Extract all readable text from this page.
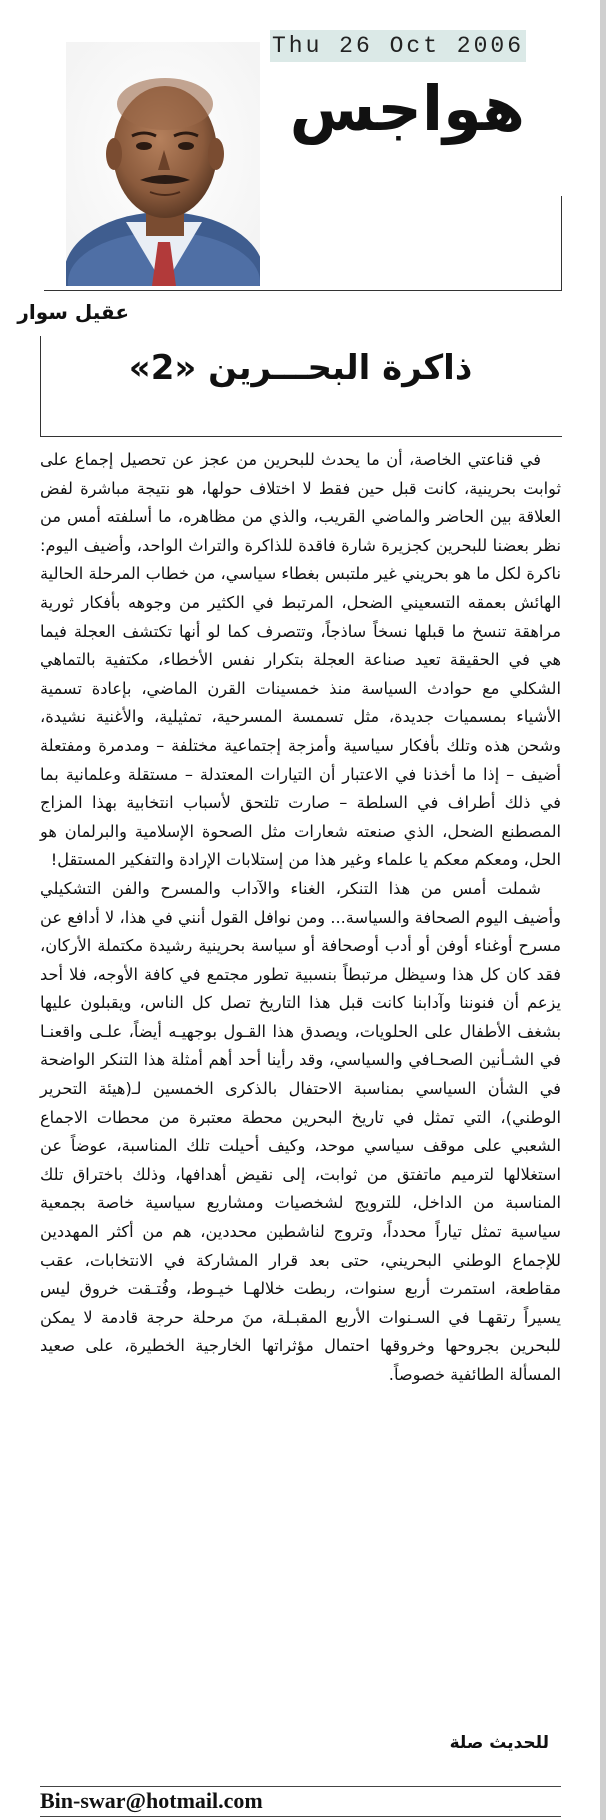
Thu 26 Oct 2006
هواجس
عقيل سوار
ذاكرة البحـــرين «2»

في قناعتي الخاصة، أن ما يحدث للبحرين من عجز عن تحصيل إجماع على ثوابت بحرينية، كانت قبل حين فقط لا اختلاف حولها، هو نتيجة مباشرة لفض العلاقة بين الحاضر والماضي القريب، والذي من مظاهره، ما أسلفته أمس من نظر بعضنا للبحرين كجزيرة شارة فاقدة للذاكرة والتراث الواحد، وأضيف اليوم: ناكرة لكل ما هو بحريني غير ملتبس بغطاء سياسي، من خطاب المرحلة الحالية الهائش بعمقه التسعيني الضحل، المرتبط في الكثير من وجوهه بأفكار ثورية مراهقة تنسخ ما قبلها نسخاً ساذجاً، وتتصرف كما لو أنها تكتشف العجلة فيما هي في الحقيقة تعيد صناعة العجلة بتكرار نفس الأخطاء، مكتفية بالتماهي الشكلي مع حوادث السياسة منذ خمسينات القرن الماضي، بإعادة تسمية الأشياء بمسميات جديدة، مثل تسمسة المسرحية، تمثيلية، والأغنية نشيدة، وشحن هذه وتلك بأفكار سياسية وأمزجة إجتماعية مختلفة – ومدمرة ومفتعلة أضيف – إذا ما أخذنا في الاعتبار أن التيارات المعتدلة – مستقلة وعلمانية بما في ذلك أطراف في السلطة – صارت تلتحق لأسباب انتخابية بهذا المزاج المصطنع الضحل، الذي صنعته شعارات مثل الصحوة الإسلامية والبرلمان هو الحل، ومعكم معكم يا علماء وغير هذا من إستلابات الإرادة والتفكير المستقل!

شملت أمس من هذا التنكر، الغناء والآداب والمسرح والفن التشكيلي وأضيف اليوم الصحافة والسياسة... ومن نوافل القول أنني في هذا، لا أدافع عن مسرح أوغناء أوفن أو أدب أوصحافة أو سياسة بحرينية رشيدة مكتملة الأركان، فقد كان كل هذا وسيظل مرتبطاً بنسبية تطور مجتمع في كافة الأوجه، فلا أحد يزعم أن فنوننا وآدابنا كانت قبل هذا التاريخ تصل كل الناس، ويقبلون عليها بشغف الأطفال على الحلويات، ويصدق هذا القـول بوجهيـه أيضاً، علـى واقعنـا في الشـأنين الصحـافي والسياسي، وقد رأينا أحد أهم أمثلة هذا التنكر الواضحة في الشأن السياسي بمناسبة الاحتفال بالذكرى الخمسين لـ(هيئة التحرير الوطني)، التي تمثل في تاريخ البحرين محطة معتبرة من محطات الاجماع الشعبي على موقف سياسي موحد، وكيف أحيلت تلك المناسبة، عوضاً عن استغلالها لترميم ماتفتق من ثوابت، إلى نقيض أهدافها، وذلك باختراق تلك المناسبة من الداخل، للترويج لشخصيات ومشاريع سياسية خاصة بجمعية سياسية تمثل تياراً محدداً، وتروج لناشطين محددين، هم من أكثر المهددين للإجماع الوطني البحريني، حتى بعد قرار المشاركة في الانتخابات، عقب مقاطعة، استمرت أربع سنوات، ربطت خلالهـا خيـوط، وفُتـقت خروق ليس يسيراً رتقهـا في السـنوات الأربع المقبـلة، منَ مرحلة حرجة قادمة لا يمكن للبحرين بجروحها وخروقها احتمال مؤثراتها الخارجية الخطيرة، على صعيد المسألة الطائفية خصوصاً.

للحديث صلة
Bin-swar@hotmail.com
